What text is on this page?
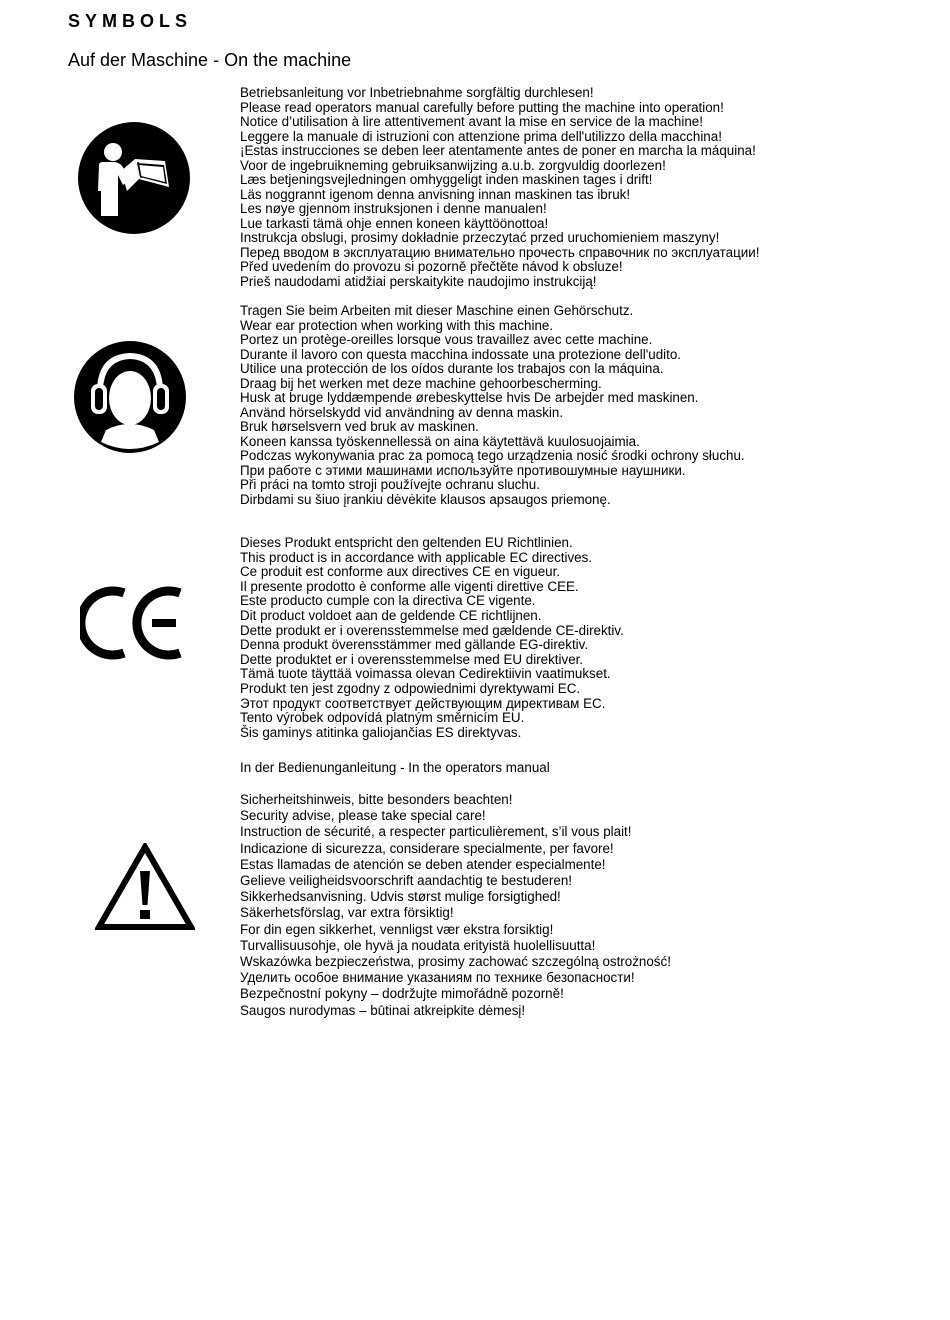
SYMBOLS
Auf der Maschine - On the machine
Betriebsanleitung vor Inbetriebnahme sorgfältig durchlesen!
Please read operators manual carefully before putting the machine into operation!
Notice d’utilisation à lire attentivement avant la mise en service de la machine!
Leggere la manuale di istruzioni con attenzione prima dell'utilizzo della macchina!
¡Estas instrucciones se deben leer atentamente antes de poner en marcha la máquina!
Voor de ingebruikneming gebruiksanwijzing a.u.b. zorgvuldig doorlezen!
Læs betjeningsvejledningen omhyggeligt inden maskinen tages i drift!
Läs noggrannt igenom denna anvisning innan maskinen tas ibruk!
Les nøye gjennom instruksjonen i denne manualen!
Lue tarkasti tämä ohje ennen koneen käyttöönottoa!
Instrukcja obslugi, prosimy dokładnie przeczytać przed uruchomieniem maszyny!
Перед вводом в эксплуатацию внимательно прочесть справочник по эксплуатации!
Před uvedením do provozu si pozorně přečtěte návod k obsluze!
Prieš naudodami atidžiai perskaitykite naudojimo instrukciją!
Tragen Sie beim Arbeiten mit dieser Maschine einen Gehörschutz.
Wear ear protection when working with this machine.
Portez un protège-oreilles lorsque vous travaillez avec cette machine.
Durante il lavoro con questa macchina indossate una protezione dell'udito.
Utilice una protección de los oídos durante los trabajos con la máquina.
Draag bij het werken met deze machine gehoorbescherming.
Husk at bruge lyddæmpende ørebeskyttelse hvis De arbejder med maskinen.
Använd hörselskydd vid användning av denna maskin.
Bruk hørselsvern ved bruk av maskinen.
Koneen kanssa työskennellessä on aina käytettävä kuulosuojaimia.
Podczas wykonywania prac za pomocą tego urządzenia nosić środki ochrony słuchu.
При работе с этими машинами используйте противошумные наушники.
Při práci na tomto stroji používejte ochranu sluchu.
Dirbdami su šiuo įrankiu dėvėkite klausos apsaugos priemonę.
Dieses Produkt entspricht den geltenden EU Richtlinien.
This product is in accordance with applicable EC directives.
Ce produit est conforme aux directives CE en vigueur.
Il presente prodotto è conforme alle vigenti direttive CEE.
Este producto cumple con la directiva CE vigente.
Dit product voldoet aan de geldende CE richtlijnen.
Dette produkt er i overensstemmelse med gældende CE-direktiv.
Denna produkt överensstämmer med gällande EG-direktiv.
Dette produktet er i overensstemmelse med EU direktiver.
Tämä tuote täyttää voimassa olevan Cedirektiivin vaatimukset.
Produkt ten jest zgodny z odpowiednimi dyrektywami EC.
Этот продукт соответствует действующим директивам EC.
Tento výrobek odpovídá platným směrnicím EU.
Šis gaminys atitinka galiojančias ES direktyvas.
In der Bedienunganleitung - In the operators manual
Sicherheitshinweis, bitte besonders beachten!
Security advise, please take special care!
Instruction de sécurité, a respecter particulièrement, s’il vous plait!
Indicazione di sicurezza, considerare specialmente, per favore!
Estas llamadas de atención se deben atender especialmente!
Gelieve veiligheidsvoorschrift aandachtig te bestuderen!
Sikkerhedsanvisning. Udvis størst mulige forsigtighed!
Säkerhetsförslag, var extra försiktig!
For din egen sikkerhet, vennligst vær ekstra forsiktig!
Turvallisuusohje, ole hyvä ja noudata erityistä huolellisuutta!
Wskazówka bezpieczeństwa, prosimy zachować szczególną ostrożność!
Уделить особое внимание указаниям по технике безопасности!
Bezpečnostní pokyny – dodržujte mimořádně pozorně!
Saugos nurodymas – būtinai atkreipkite dėmesį!
